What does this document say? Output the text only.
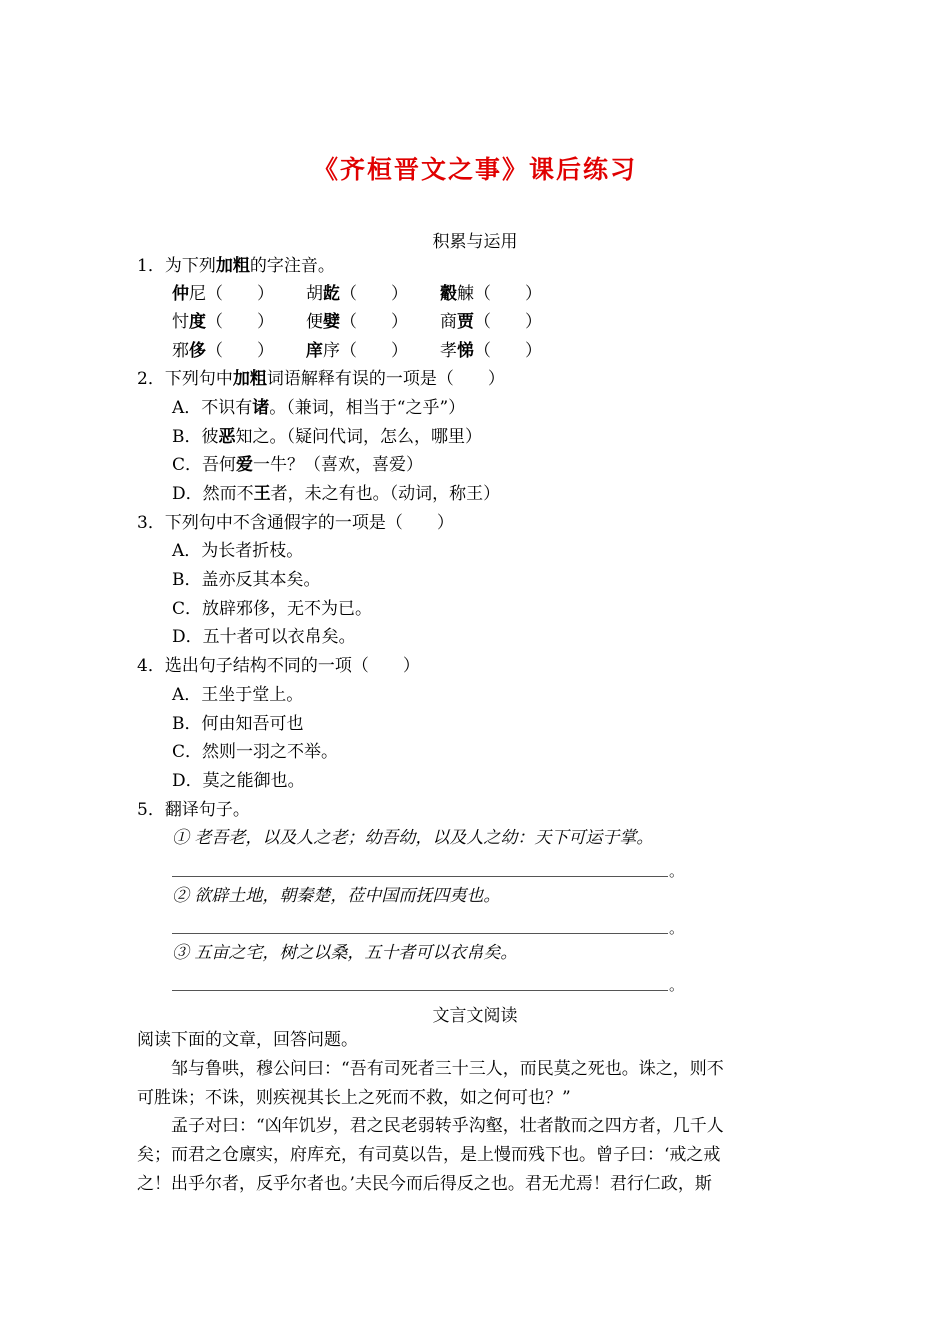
《齐桓晋文之事》课后练习
积累与运用
1．为下列加粗的字注音。
仲尼（　　） 胡龁（　　） 觳觫（　　）
忖度（　　） 便嬖（　　） 商贾（　　）
邪侈（　　） 庠序（　　） 孝悌（　　）
2．下列句中加粗词语解释有误的一项是（　　）
A．不识有诸。（兼词，相当于“之乎”）
B．彼恶知之。（疑问代词，怎么，哪里）
C．吾何爱一牛？（喜欢，喜爱）
D．然而不王者，未之有也。（动词，称王）
3．下列句中不含通假字的一项是（　　）
A．为长者折枝。
B．盖亦反其本矣。
C．放辟邪侈，无不为已。
D．五十者可以衣帛矣。
4．选出句子结构不同的一项（　　）
A．王坐于堂上。
B．何由知吾可也
C．然则一羽之不举。
D．莫之能御也。
5．翻译句子。
① 老吾老，以及人之老；幼吾幼，以及人之幼：天下可运于掌。
。
② 欲辟土地，朝秦楚，莅中国而抚四夷也。
。
③ 五亩之宅，树之以桑，五十者可以衣帛矣。
。
文言文阅读
阅读下面的文章，回答问题。
　　邹与鲁哄，穆公问曰：“吾有司死者三十三人，而民莫之死也。诛之，则不
可胜诛；不诛，则疾视其长上之死而不救，如之何可也？”
　　孟子对曰：“凶年饥岁，君之民老弱转乎沟壑，壮者散而之四方者，几千人
矣；而君之仓廪实，府库充，有司莫以告，是上慢而残下也。曾子曰：‘戒之戒
之！出乎尔者，反乎尔者也。’夫民今而后得反之也。君无尤焉！君行仁政，斯
